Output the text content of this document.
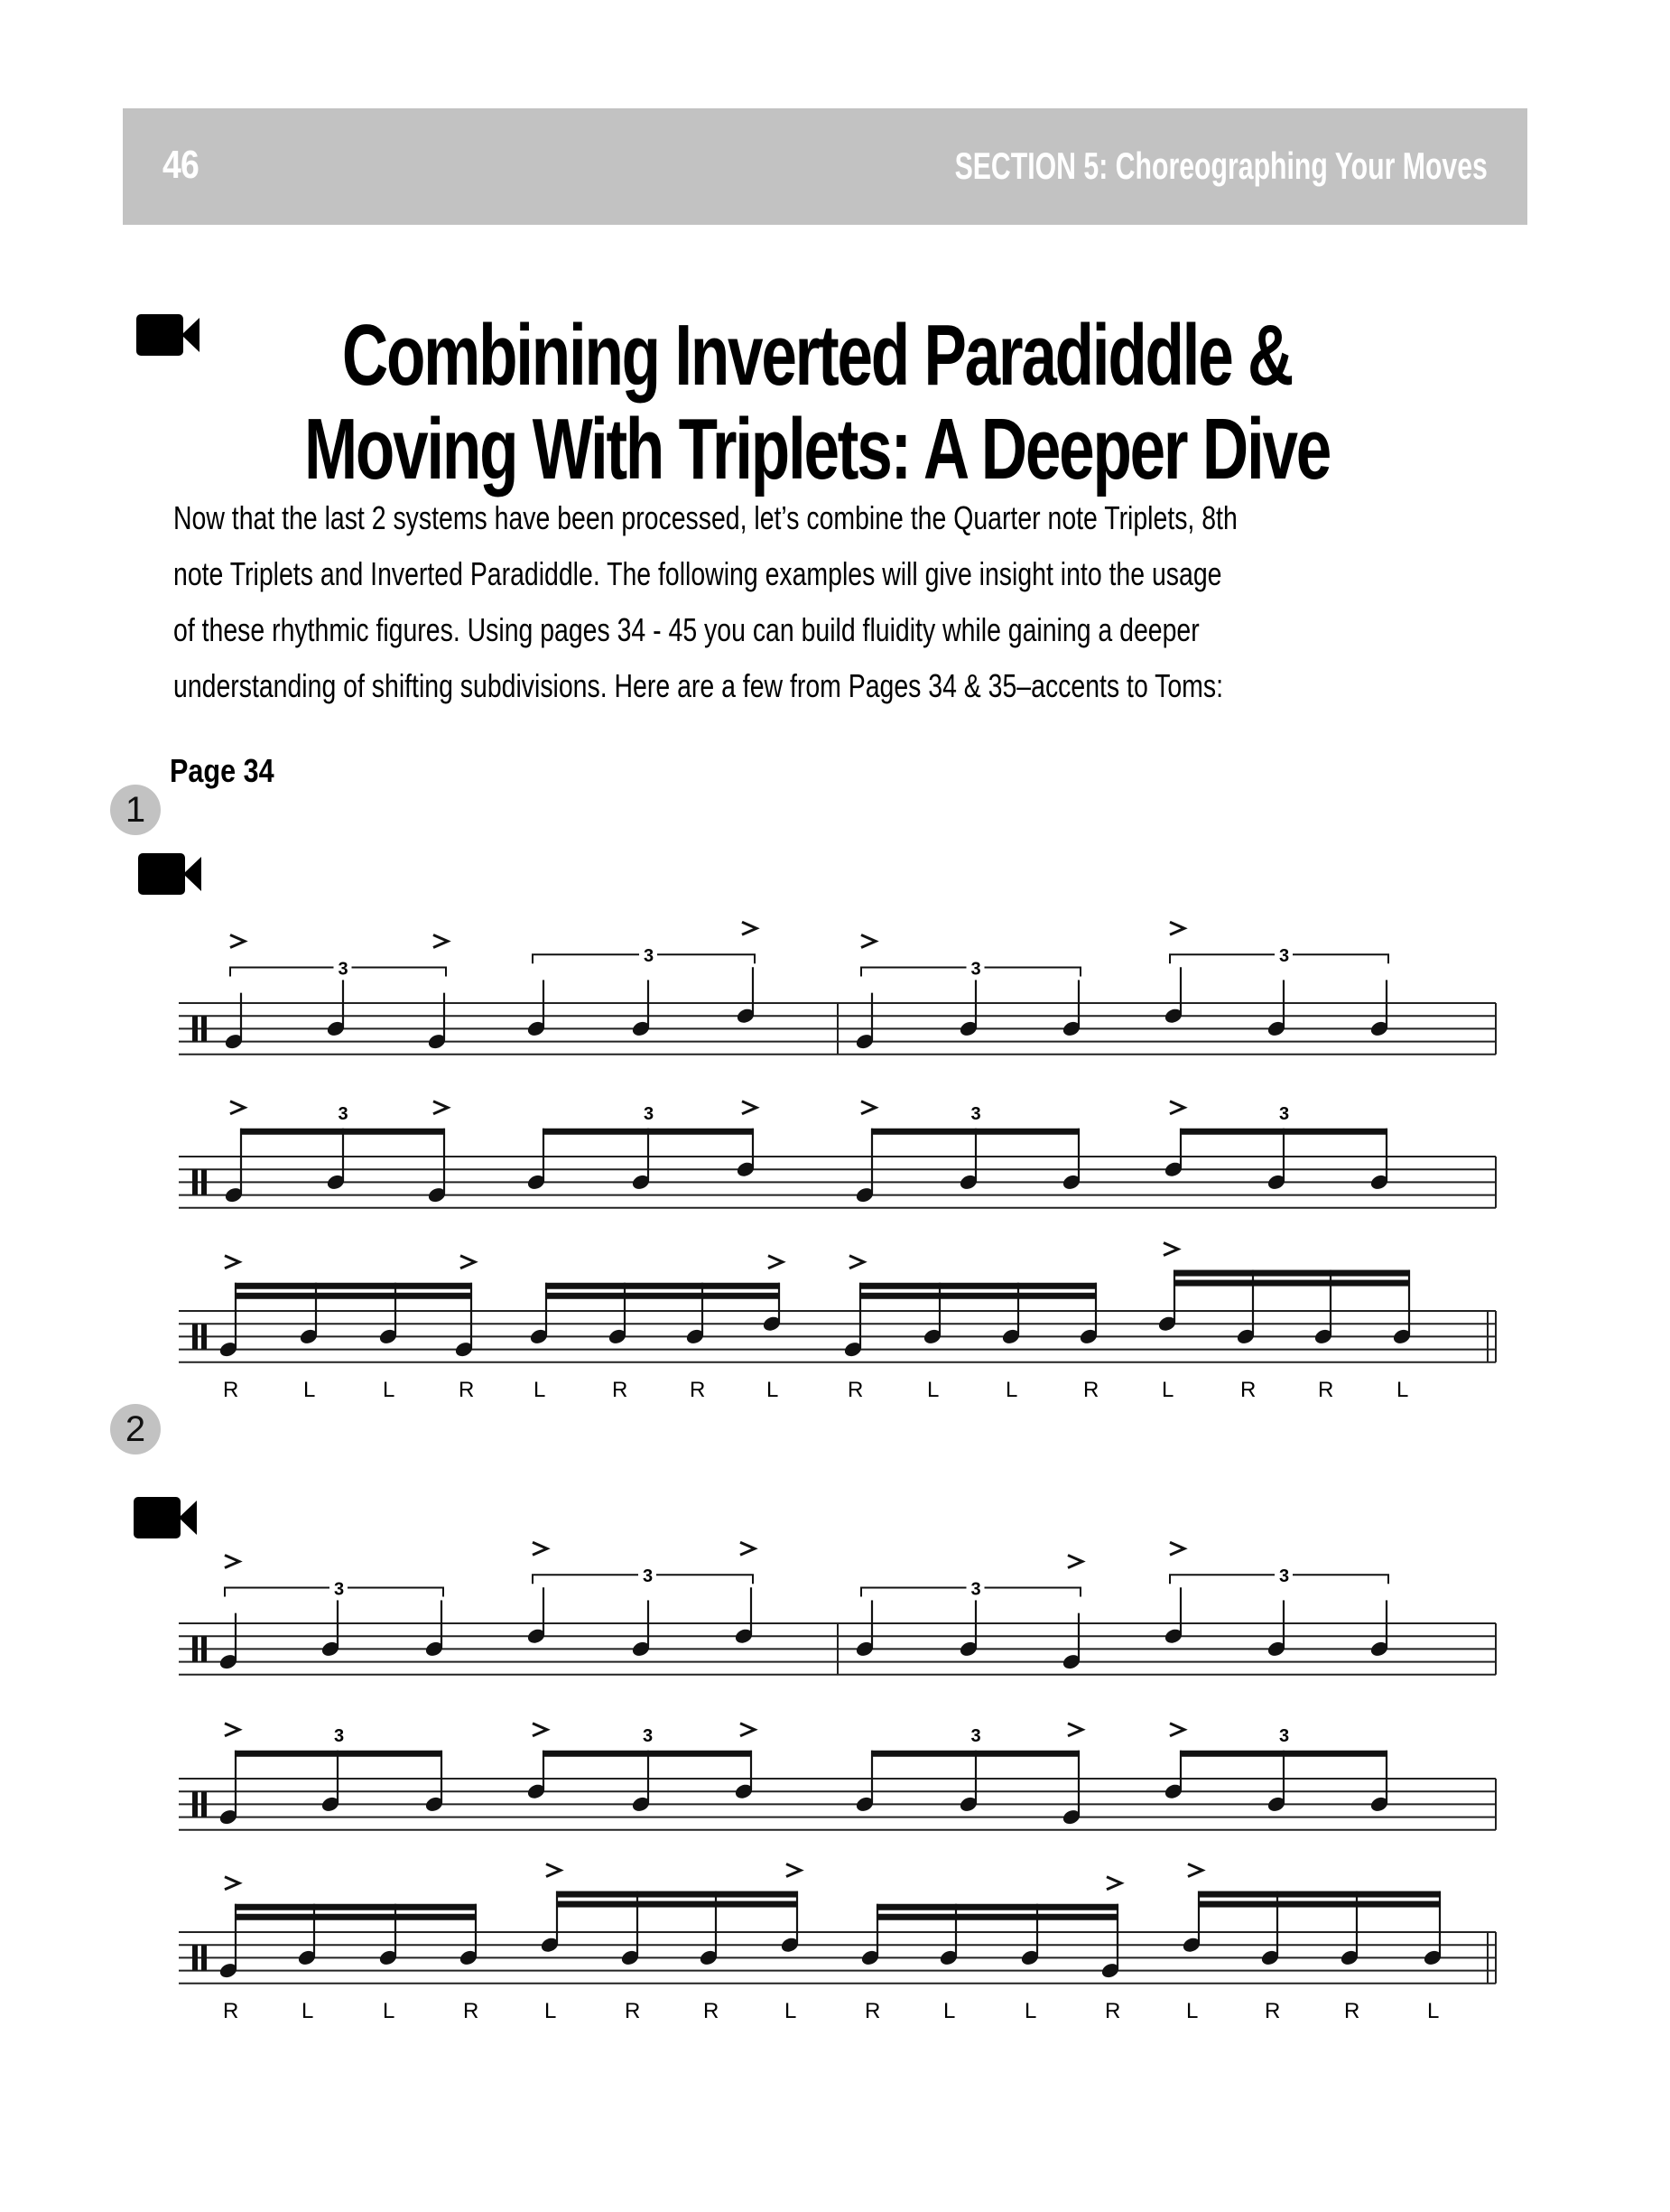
46	SECTION 5: Choreographing Your Moves
Combining Inverted Paradiddle &
Moving With Triplets: A Deeper Dive
Now that the last 2 systems have been processed, let’s combine the Quarter note Triplets, 8th
note Triplets and Inverted Paradiddle. The following examples will give insight into the usage
of these rhythmic figures. Using pages 34 - 45 you can build fluidity while gaining a deeper
understanding of shifting subdivisions. Here are a few from Pages 34 & 35–accents to Toms:
Page 34
1
2
3
3
3
3
3	3	3	3
R	L	L	R	L	R	R	L	R	L	L	R	L	R	R	L
3
3
3
3
3	3	3	3
R	L	L	R	L	R	R	L	R	L	L	R	L	R	R	L
